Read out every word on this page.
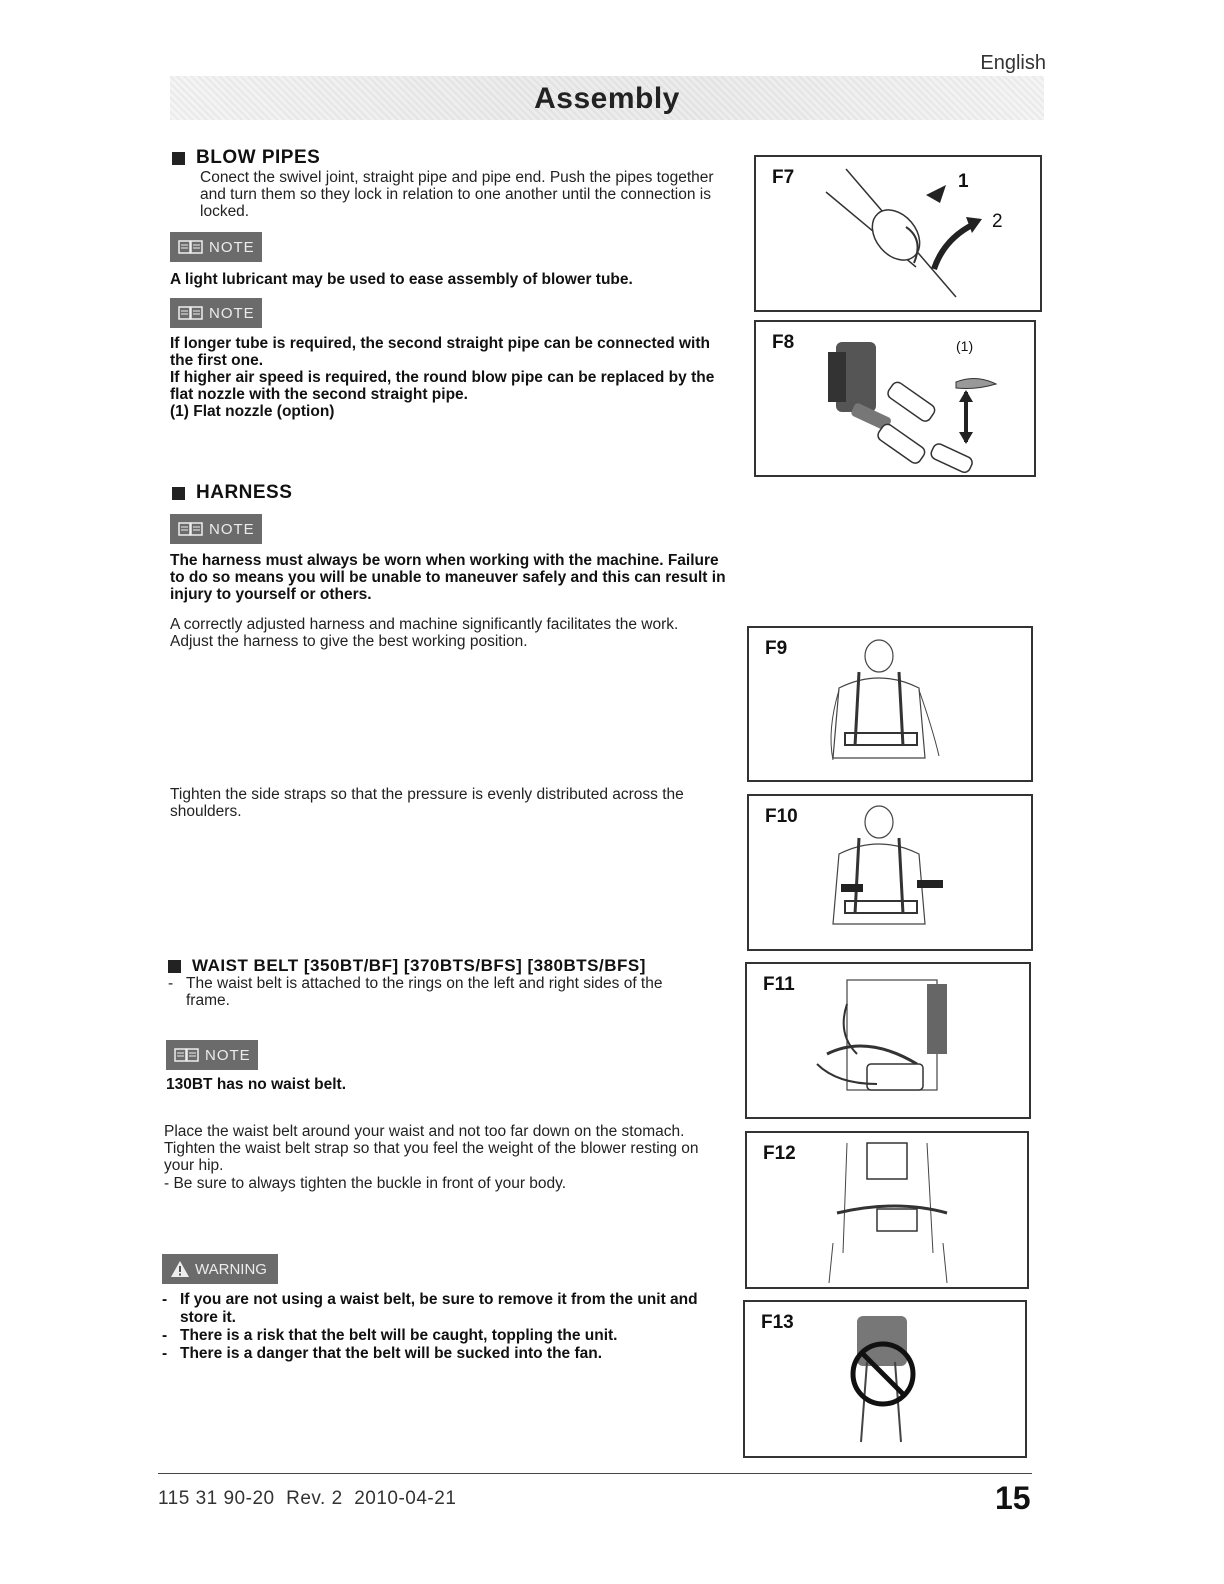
English
Assembly
BLOW PIPES
Conect the swivel joint, straight pipe and pipe end. Push the pipes together and turn them so they lock in relation to one another until the connection is locked.
NOTE
A light lubricant may be used to ease assembly of blower tube.
NOTE
If longer tube is required, the second straight pipe can be connected with the first one.
If higher air speed is required, the round blow pipe can be replaced by the flat nozzle with the second straight pipe.
(1) Flat nozzle (option)
HARNESS
NOTE
The harness must always be worn when working with the machine. Failure to do so means you will be unable to maneuver safely and this can result in injury to yourself or others.
A correctly adjusted harness and machine significantly facilitates the work. Adjust the harness to give the best working position.
Tighten the side straps so that the pressure is evenly distributed across the shoulders.
WAIST BELT [350BT/BF] [370BTS/BFS] [380BTS/BFS]
- The waist belt is attached to the rings on the left and right sides of the frame.
NOTE
130BT has no waist belt.
Place the waist belt around your waist and not too far down on the stomach. Tighten the waist belt strap so that you feel the weight of the blower resting on your hip.
- Be sure to always tighten the buckle in front of your body.
WARNING
- If you are not using a waist belt, be sure to remove it from the unit and store it.
- There is a risk that the belt will be caught, toppling the unit.
- There is a danger that the belt will be sucked into the fan.
F7	1
2
F8	(1)
F9
F10
F11
F12
F13
115 31 90-20  Rev. 2  2010-04-21	15
